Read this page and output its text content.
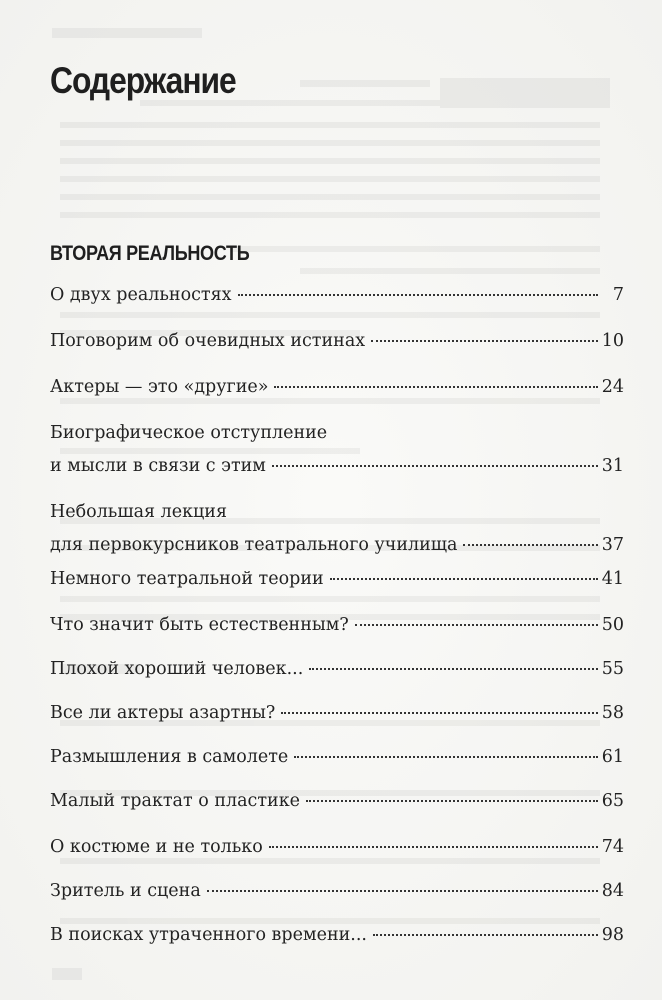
Содержание
ВТОРАЯ РЕАЛЬНОСТЬ
О двух реальностях	7
Поговорим об очевидных истинах	10
Актеры — это «другие»	24
Биографическое отступление
и мысли в связи с этим	31
Небольшая лекция
для первокурсников театрального училища	37
Немного театральной теории	41
Что значит быть естественным?	50
Плохой хороший человек...	55
Все ли актеры азартны?	58
Размышления в самолете	61
Малый трактат о пластике	65
О костюме и не только	74
Зритель и сцена	84
В поисках утраченного времени...	98
